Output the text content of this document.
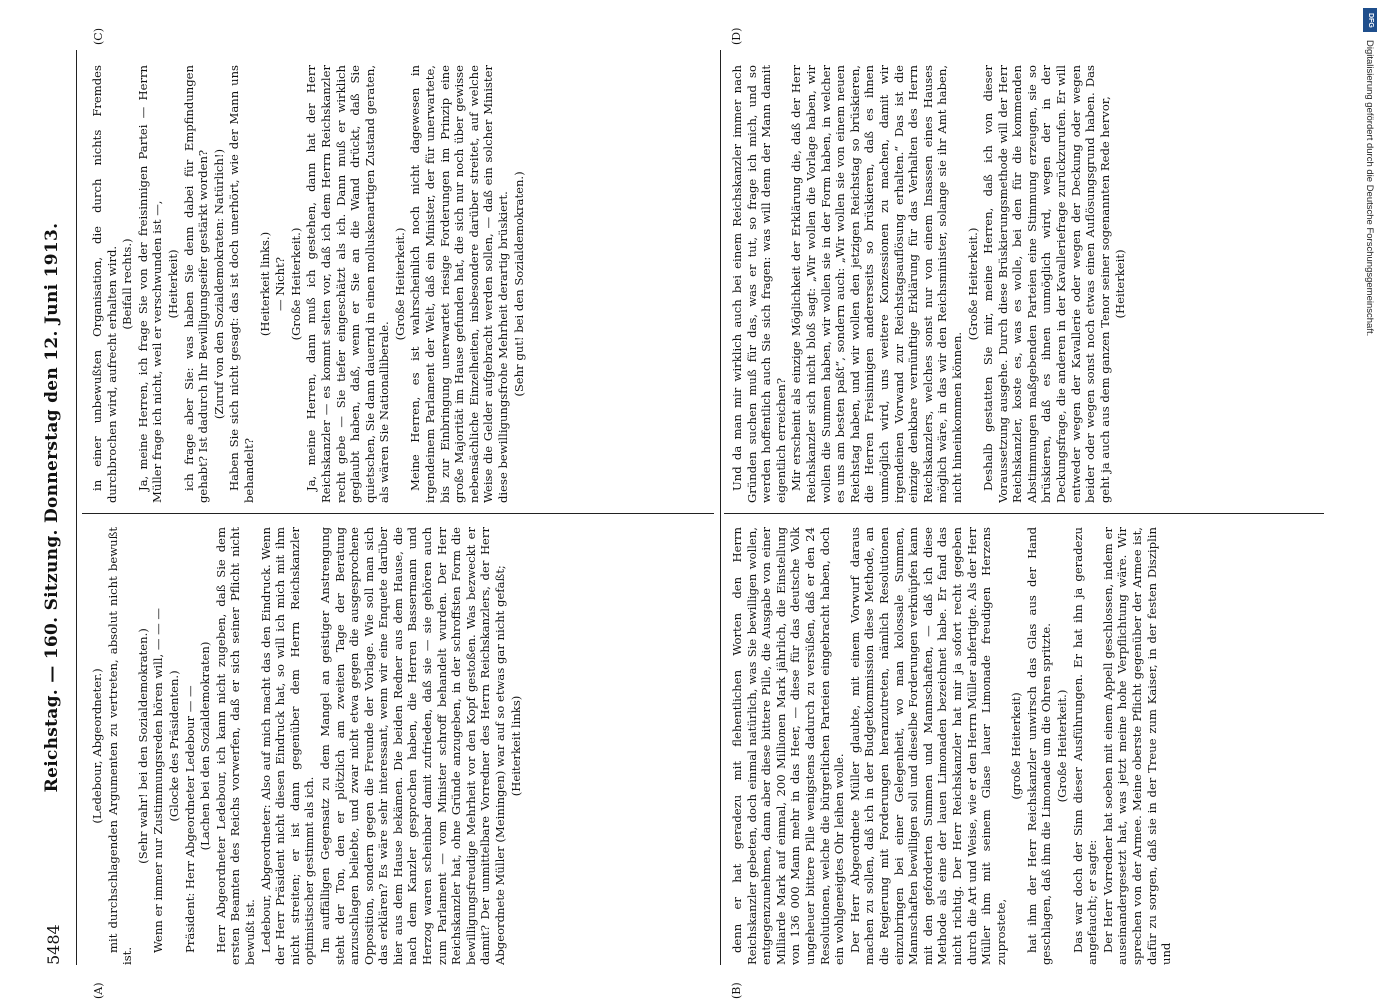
DFG
Digitalisierung gefördert durch die Deutsche Forschungsgemeinschaft.
5484
Reichstag. — 160. Sitzung. Donnerstag den 12. Juni 1913.
(A)	(B)
(C)	(D)

(Ledebour, Abgeordneter.) mit durchschlagenden Argumenten zu vertreten, absolut nicht bewußt ist.

(Sehr wahr! bei den Sozialdemokraten.) Wenn er immer nur Zustimmungsreden hören will, — — — (Glocke des Präsidenten.) Präsident: Herr Abgeordneter Ledebour — — (Lachen bei den Sozialdemokraten) Herr Abgeordneter Ledebour, ich kann nicht zugeben, daß Sie dem ersten Beamten des Reichs vorwerfen, daß er sich seiner Pflicht nicht bewußt ist. Ledebour, Abgeordneter: Also auf mich macht das den Eindruck. Wenn der Herr Präsident nicht diesen Eindruck hat, so will ich mich mit ihm nicht streiten; er ist dann gegenüber dem Herrn Reichskanzler optimistischer gestimmt als ich. Im auffälligen Gegensatz zu dem Mangel an geistiger Anstrengung steht der Ton, den er plötzlich am zweiten Tage der Beratung anzuschlagen beliebte, und zwar nicht etwa gegen die ausgesprochene Opposition, sondern gegen die Freunde der Vorlage. Wie soll man sich das erklären? Es wäre sehr interessant, wenn wir eine Enquete darüber hier aus dem Hause bekämen. Die beiden Redner aus dem Hause, die nach dem Kanzler gesprochen haben, die Herren Bassermann und Herzog waren scheinbar damit zufrieden, daß sie — sie gehören auch zum Parlament — vom Minister schroff behandelt wurden. Der Herr Reichskanzler hat, ohne Gründe anzugeben, in der schroffsten Form die bewilligungsfreudige Mehrheit vor den Kopf gestoßen. Was bezweckt er damit? Der unmittelbare Vorredner des Herrn Reichskanzlers, der Herr Abgeordnete Müller (Meiningen) war auf so etwas gar nicht gefaßt; (Heiterkeit links)

in einer unbewußten Organisation, die durch nichts Fremdes durchbrochen wird, aufrecht erhalten wird. (Beifall rechts.) Ja, meine Herren, ich frage Sie von der freisinnigen Partei — Herrn Müller frage ich nicht, weil er verschwunden ist —, (Heiterkeit) ich frage aber Sie: was haben Sie denn dabei für Empfindungen gehabt? Ist dadurch Ihr Bewilligungseifer gestärkt worden? (Zuruf von den Sozialdemokraten: Natürlich!) Haben Sie sich nicht gesagt: das ist doch unerhört, wie der Mann uns behandelt?

(Heiterkeit links.) — Nicht? (Große Heiterkeit.) Ja, meine Herren, dann muß ich gestehen, dann hat der Herr Reichskanzler — es kommt selten vor, daß ich dem Herrn Reichskanzler recht gebe — Sie tiefer eingeschätzt als ich. Dann muß er wirklich geglaubt haben, daß, wenn er Sie an die Wand drückt, daß Sie quietschen, Sie dann dauernd in einen molluskenartigen Zustand geraten, als wären Sie Nationalliberale.

(Große Heiterkeit.) Meine Herren, es ist wahrscheinlich noch nicht dagewesen in irgendeinem Parlament der Welt, daß ein Minister, der für unerwartete, bis zur Einbringung unerwartet riesige Forderungen im Prinzip eine große Majorität im Hause gefunden hat, die sich nur noch über gewisse nebensächliche Einzelheiten, insbesondere darüber streitet, auf welche Weise die Gelder aufgebracht werden sollen, — daß ein solcher Minister diese bewilligungsfrohe Mehrheit derartig brüskiert. (Sehr gut! bei den Sozialdemokraten.)

denn er hat geradezu mit flehentlichen Worten den Herrn Reichskanzler gebeten, doch einmal natürlich, was Sie bewilligen wollen, entgegenzunehmen, dann aber diese bittere Pille, die Ausgabe von einer Milliarde Mark auf einmal, 200 Millionen Mark jährlich, die Einstellung von 136 000 Mann mehr in das Heer, — diese für das deutsche Volk ungeheuer bittere Pille wenigstens dadurch zu versüßen, daß er den 24 Resolutionen, welche die bürgerlichen Parteien eingebracht haben, doch ein wohlgeneigtes Ohr leihen wolle. Der Herr Abgeordnete Müller glaubte, mit einem Vorwurf daraus machen zu sollen, daß ich in der Budgetkommission diese Methode, an die Regierung mit Forderungen heranzutreten, nämlich Resolutionen einzubringen bei einer Gelegenheit, wo man kolossale Summen, Mannschaften bewilligen soll und dieselbe Forderungen verknüpfen kann mit den geforderten Summen und Mannschaften, — daß ich diese Methode als eine der lauen Limonaden bezeichnet habe. Er fand das nicht richtig. Der Herr Reichskanzler hat mir ja sofort recht gegeben durch die Art und Weise, wie er den Herrn Müller abfertigte. Als der Herr Müller ihm mit seinem Glase lauer Limonade freudigen Herzens zuprostete,

(große Heiterkeit) hat ihm der Herr Reichskanzler unwirsch das Glas aus der Hand geschlagen, daß ihm die Limonade um die Ohren spritzte. (Große Heiterkeit.) Das war doch der Sinn dieser Ausführungen. Er hat ihn ja geradezu angefaucht; er sagte: Der Herr Vorredner hat soeben mit einem Appell geschlossen, indem er auseinandergesetzt hat, was jetzt meine hohe Verpflichtung wäre. Wir sprechen von der Armee. Meine oberste Pflicht gegenüber der Armee ist, dafür zu sorgen, daß sie in der Treue zum Kaiser, in der festen Disziplin und

Und da man mir wirklich auch bei einem Reichskanzler immer nach Gründen suchen muß für das, was er tut, so frage ich mich, und so werden hoffentlich auch Sie sich fragen: was will denn der Mann damit eigentlich erreichen? Mir erscheint als einzige Möglichkeit der Erklärung die, daß der Herr Reichskanzler sich nicht bloß sagt: „Wir wollen die Vorlage haben, wir wollen die Summen haben, wir wollen sie in der Form haben, in welcher es uns am besten paßt“, sondern auch: „Wir wollen sie von einem neuen Reichstag haben, und wir wollen den jetzigen Reichstag so brüskieren, die Herren Freisinnigen andererseits so brüskieren, daß es ihnen unmöglich wird, uns weitere Konzessionen zu machen, damit wir irgendeinen Vorwand zur Reichstagsauflösung erhalten.“ Das ist die einzige denkbare vernünftige Erklärung für das Verhalten des Herrn Reichskanzlers, welches sonst nur von einem Insassen eines Hauses möglich wäre, in das wir den Reichsminister, solange sie ihr Amt haben, nicht hineinkommen können.

(Große Heiterkeit.) Deshalb gestatten Sie mir, meine Herren, daß ich von dieser Voraussetzung ausgehe. Durch diese Brüskierungsmethode will der Herr Reichskanzler, koste es, was es wolle, bei den für die kommenden Abstimmungen maßgebenden Parteien eine Stimmung erzeugen, sie so brüskieren, daß es ihnen unmöglich wird, wegen der in der Deckungsfrage, die anderen in der Kavalleriefrage zurückzurufen. Er will entweder wegen der Kavallerie oder wegen der Deckung oder wegen beider oder wegen sonst noch etwas einen Auflösungsgrund haben. Das geht ja auch aus dem ganzen Tenor seiner sogenannten Rede hervor, (Heiterkeit)
